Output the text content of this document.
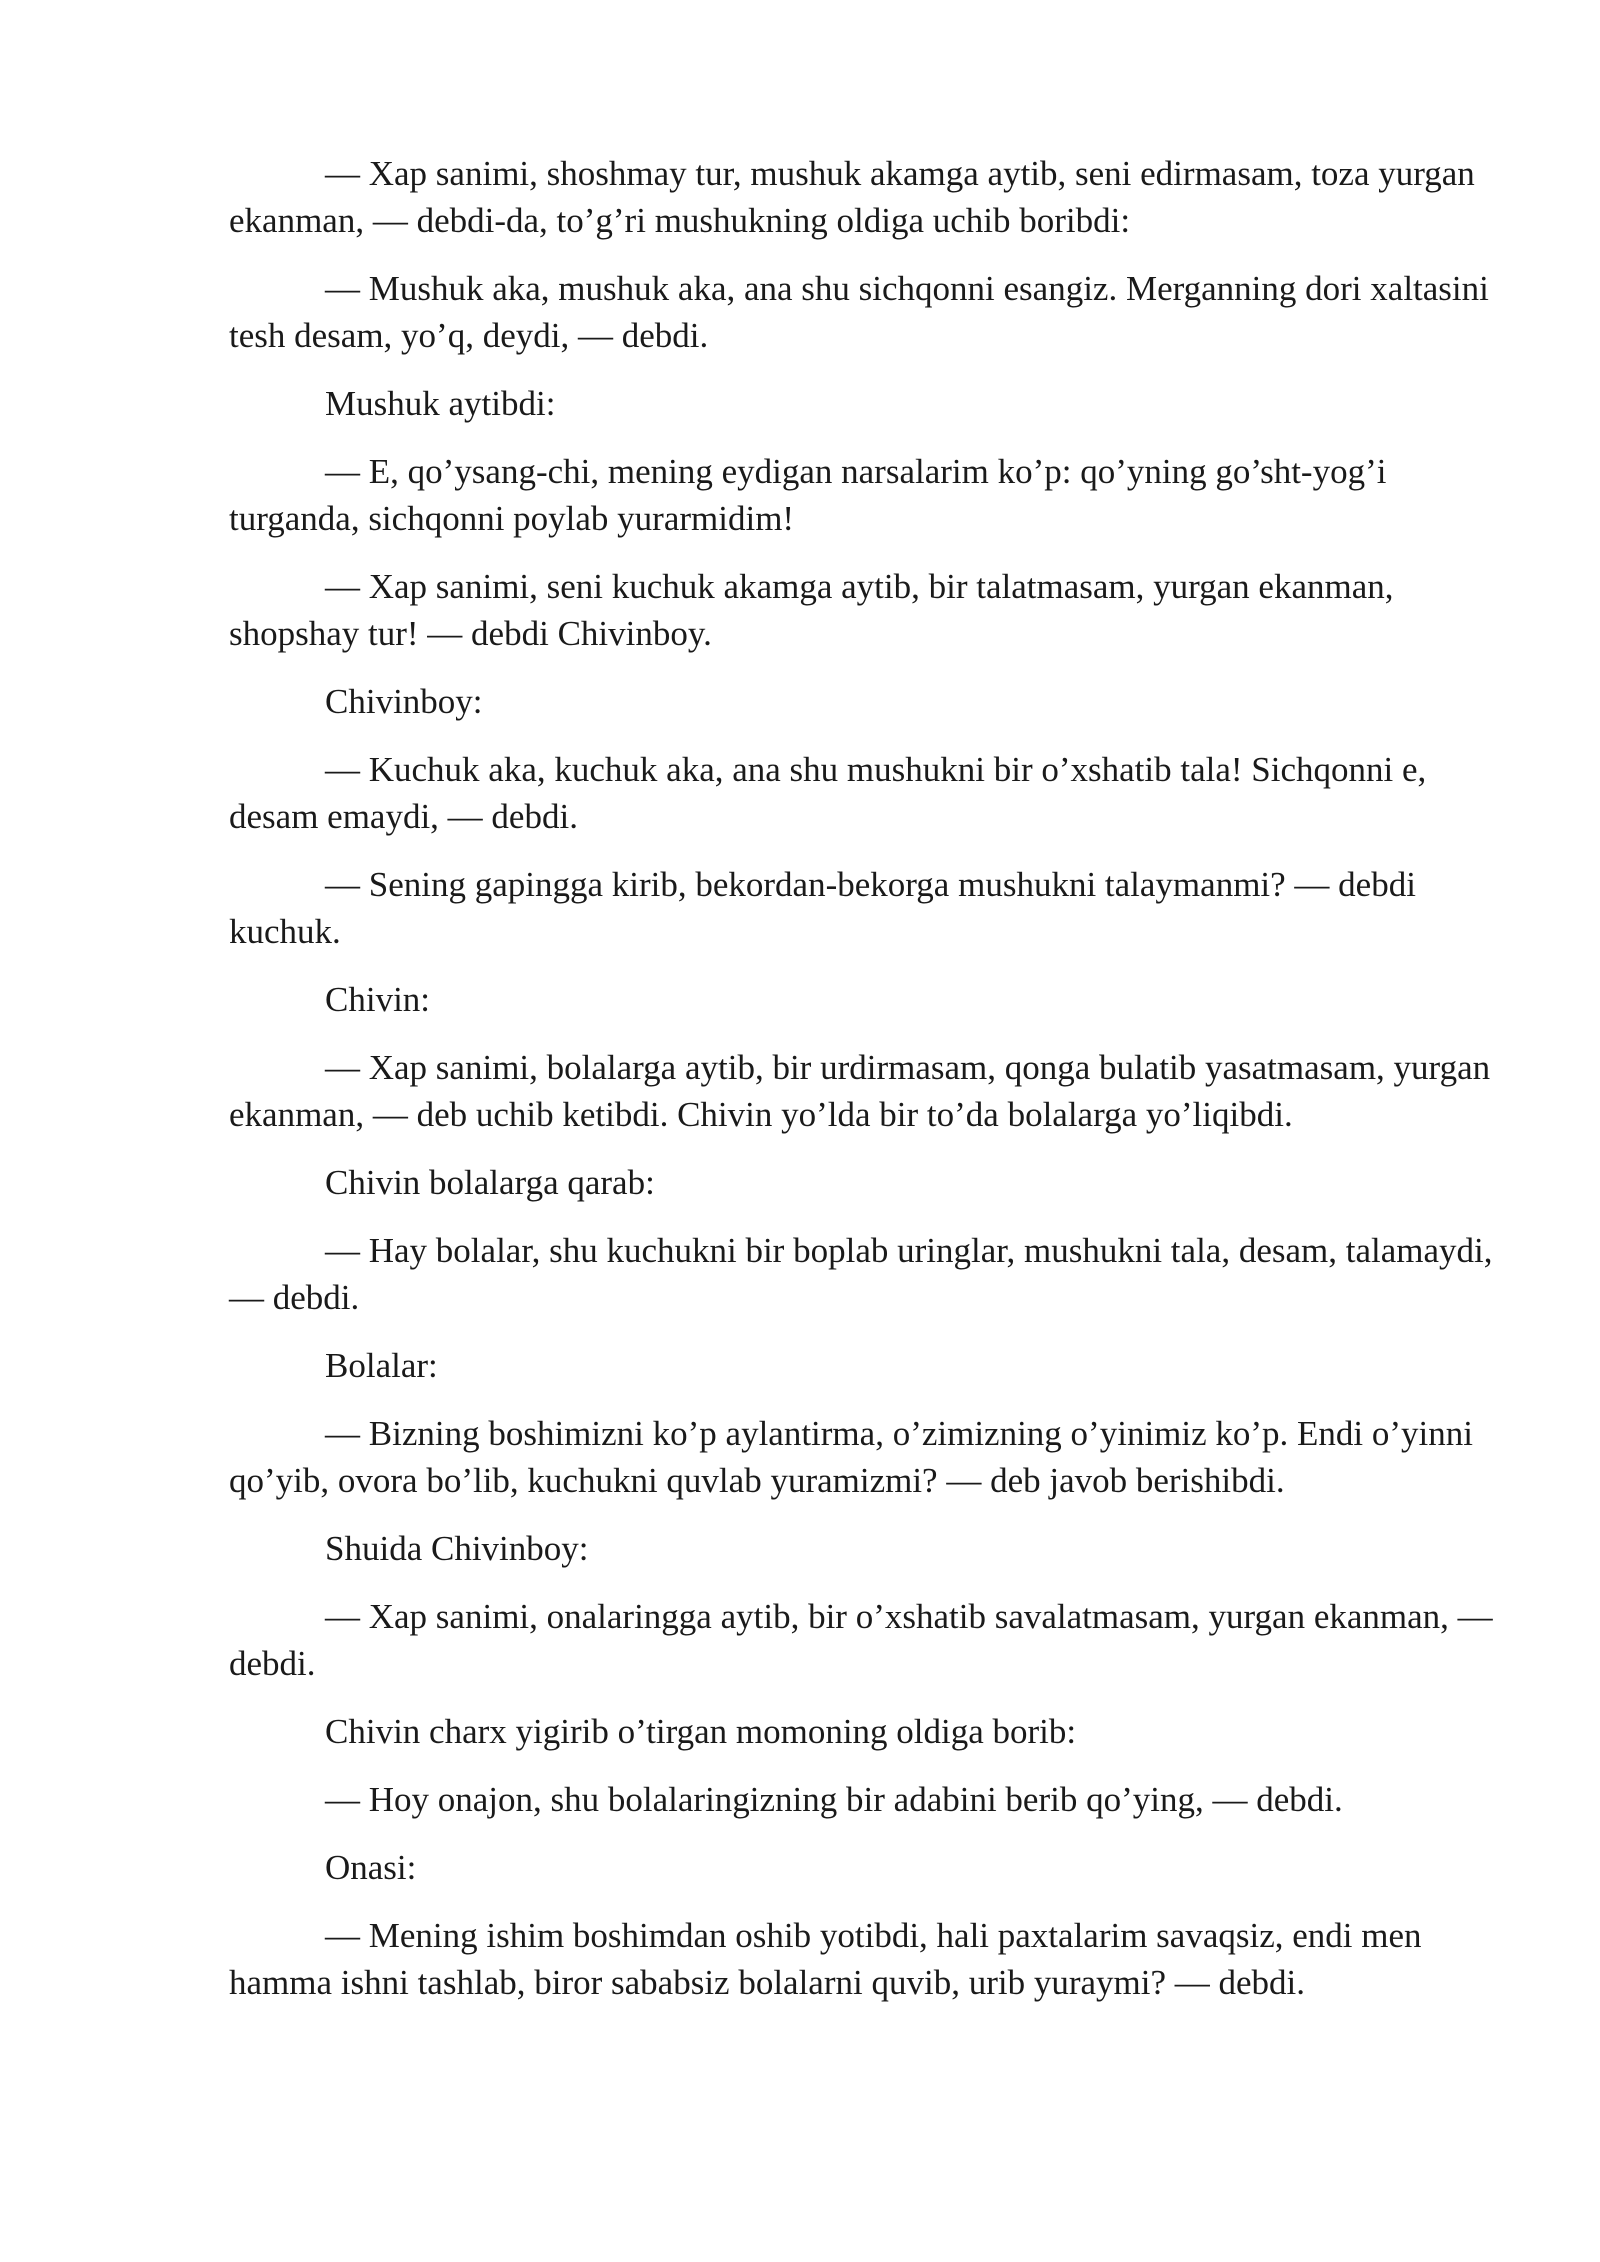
— Xap sanimi, shoshmay tur, mushuk akamga aytib, seni edirmasam, toza yurgan ekanman, — debdi-da, to’g’ri mushukning oldiga uchib boribdi:

— Mushuk aka, mushuk aka, ana shu sichqonni esangiz. Merganning dori xaltasini tesh desam, yo’q, deydi, — debdi.

Mushuk aytibdi:

— E, qo’ysang-chi, mening eydigan narsalarim ko’p: qo’yning go’sht-yog’i turganda, sichqonni poylab yurarmidim!

— Xap sanimi, seni kuchuk akamga aytib, bir talatmasam, yurgan ekanman, shopshay tur! — debdi Chivinboy.

Chivinboy:

— Kuchuk aka, kuchuk aka, ana shu mushukni bir o’xshatib tala! Sichqonni e, desam emaydi, — debdi.

— Sening gapingga kirib, bekordan-bekorga mushukni talaymanmi? — debdi kuchuk.

Chivin:

— Xap sanimi, bolalarga aytib, bir urdirmasam, qonga bulatib yasatmasam, yurgan ekanman, — deb uchib ketibdi. Chivin yo’lda bir to’da bolalarga yo’liqibdi.

Chivin bolalarga qarab:

— Hay bolalar, shu kuchukni bir boplab uringlar, mushukni tala, desam, talamaydi, — debdi.

Bolalar:

— Bizning boshimizni ko’p aylantirma, o’zimizning o’yinimiz ko’p. Endi o’yinni qo’yib, ovora bo’lib, kuchukni quvlab yuramizmi? — deb javob berishibdi.

Shuida Chivinboy:

— Xap sanimi, onalaringga aytib, bir o’xshatib savalatmasam, yurgan ekanman, — debdi.

Chivin charx yigirib o’tirgan momoning oldiga borib:

— Hoy onajon, shu bolalaringizning bir adabini berib qo’ying, — debdi.

Onasi:

— Mening ishim boshimdan oshib yotibdi, hali paxtalarim savaqsiz, endi men hamma ishni tashlab, biror sababsiz bolalarni quvib, urib yuraymi? — debdi.
